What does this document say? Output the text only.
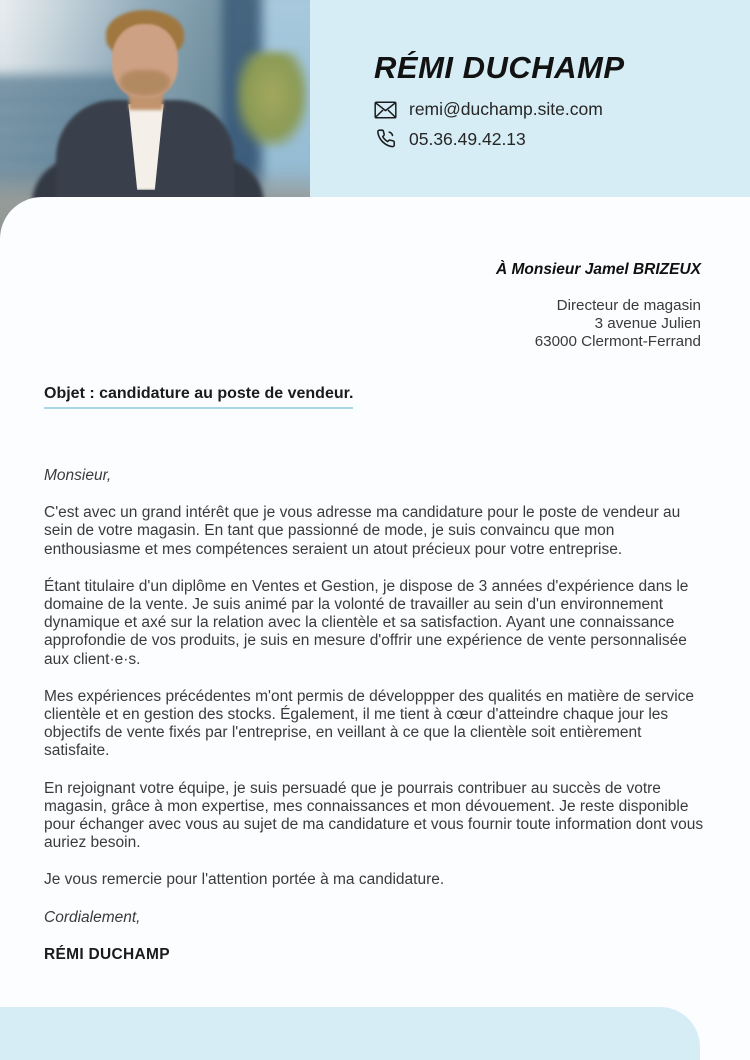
RÉMI DUCHAMP
remi@duchamp.site.com
05.36.49.42.13
À Monsieur Jamel BRIZEUX
Directeur de magasin
3 avenue Julien
63000 Clermont-Ferrand
Objet : candidature au poste de vendeur.

Monsieur,

C'est avec un grand intérêt que je vous adresse ma candidature pour le poste de vendeur au sein de votre magasin. En tant que passionné de mode, je suis convaincu que mon enthousiasme et mes compétences seraient un atout précieux pour votre entreprise.

Étant titulaire d'un diplôme en Ventes et Gestion, je dispose de 3 années d'expérience dans le domaine de la vente. Je suis animé par la volonté de travailler au sein d'un environnement dynamique et axé sur la relation avec la clientèle et sa satisfaction. Ayant une connaissance approfondie de vos produits, je suis en mesure d'offrir une expérience de vente personnalisée aux client·e·s.

Mes expériences précédentes m'ont permis de développper des qualités en matière de service clientèle et en gestion des stocks. Également, il me tient à cœur d'atteindre chaque jour les objectifs de vente fixés par l'entreprise, en veillant à ce que la clientèle soit entièrement satisfaite.

En rejoignant votre équipe, je suis persuadé que je pourrais contribuer au succès de votre magasin, grâce à mon expertise, mes connaissances et mon dévouement. Je reste disponible pour échanger avec vous au sujet de ma candidature et vous fournir toute information dont vous auriez besoin.

Je vous remercie pour l'attention portée à ma candidature.

Cordialement,

RÉMI DUCHAMP
